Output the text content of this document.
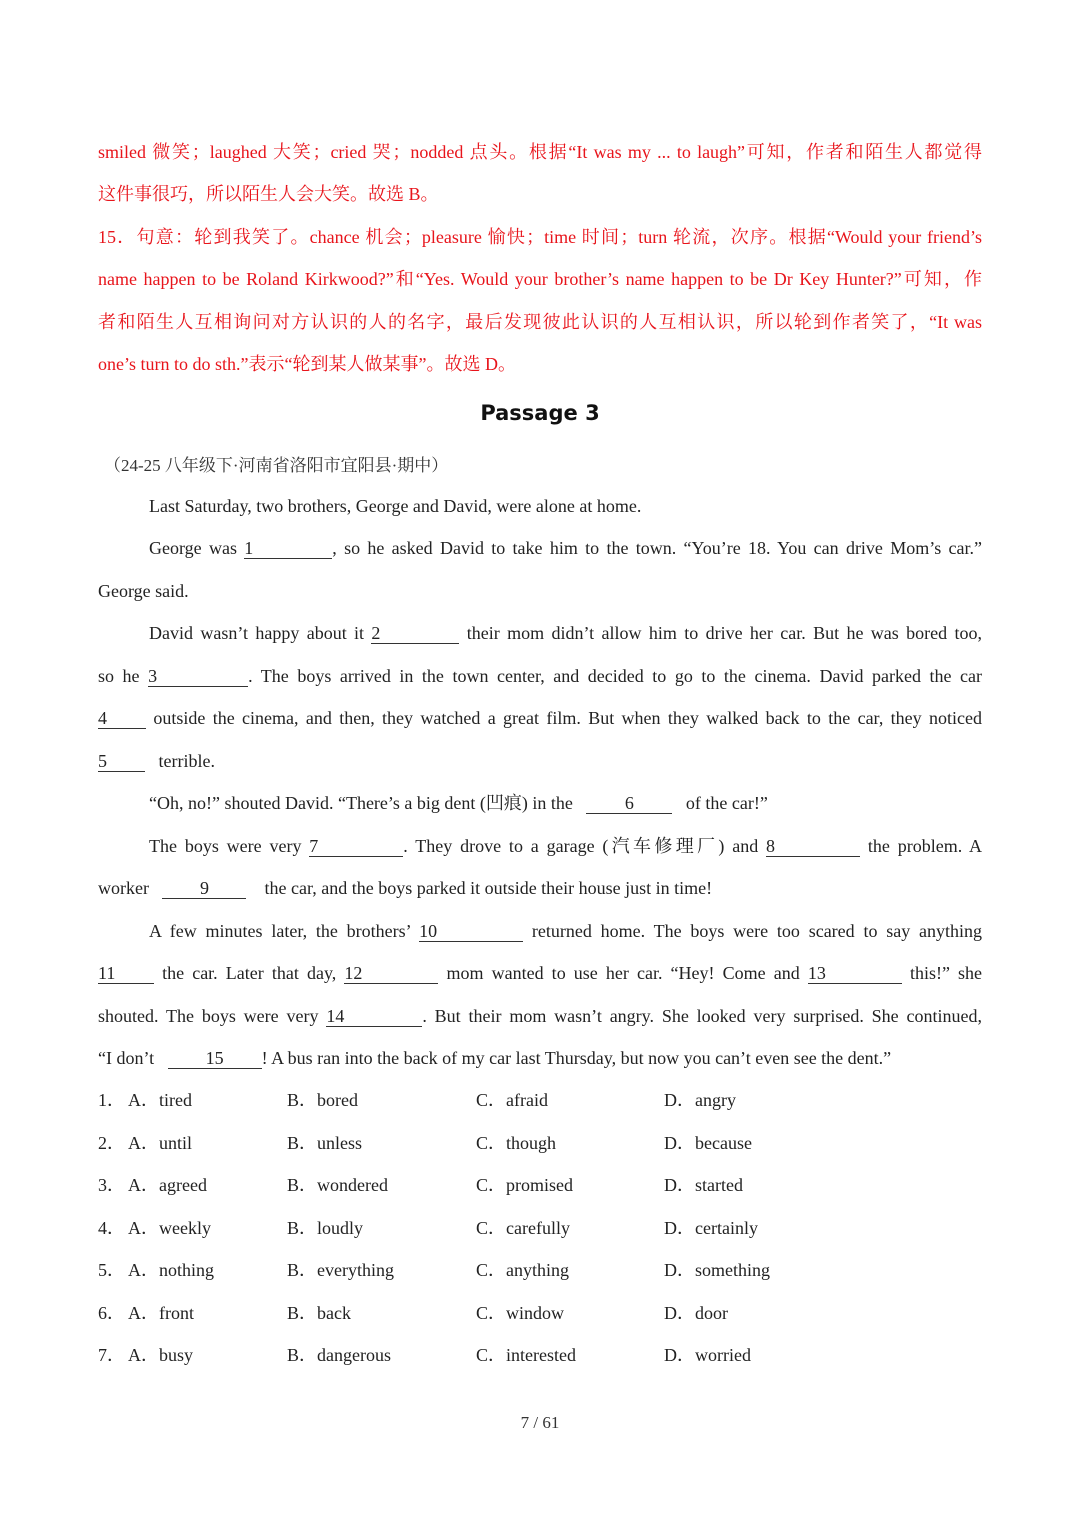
smiled 微笑；laughed 大笑；cried 哭；nodded 点头。根据“It was my ... to laugh”可知，作者和陌生人都觉得
这件事很巧，所以陌生人会大笑。故选 B。
15．句意：轮到我笑了。chance 机会；pleasure 愉快；time 时间；turn 轮流，次序。根据“Would your friend’s
name happen to be Roland Kirkwood?”和“Yes. Would your brother’s name happen to be Dr Key Hunter?”可知，作
者和陌生人互相询问对方认识的人的名字，最后发现彼此认识的人互相认识，所以轮到作者笑了，“It was
one’s turn to do sth.”表示“轮到某人做某事”。故选 D。
Passage 3
（24-25 八年级下·河南省洛阳市宜阳县·期中）
Last Saturday, two brothers, George and David, were alone at home.
George was 1	, so he asked David to take him to the town. “You’re 18. You can drive Mom’s car.”
George said.
David wasn’t happy about it 2	their mom didn’t allow him to drive her car. But he was bored too,
so he 3	. The boys arrived in the town center, and decided to go to the cinema. David parked the car
4	outside the cinema, and then, they watched a great film. But when they walked back to the car, they noticed
5	terrible.
“Oh, no!” shouted David. “There’s a big dent (凹痕) in the	6	of the car!”
The boys were very 7	. They drove to a garage (汽车修理厂) and 8	the problem. A
worker	9	the car, and the boys parked it outside their house just in time!
A few minutes later, the brothers’ 10	returned home. The boys were too scared to say anything
11	the car. Later that day, 12	mom wanted to use her car. “Hey! Come and 13	this!” she
shouted. The boys were very 14	. But their mom wasn’t angry. She looked very surprised. She continued,
“I don’t	15 ! A bus ran into the back of my car last Thursday, but now you can’t even see the dent.”
1． A．tired	B．bored	C．afraid	D．angry
2． A．until	B．unless	C．though	D．because
3． A．agreed	B．wondered	C．promised	D．started
4． A．weekly	B．loudly	C．carefully	D．certainly
5． A．nothing	B．everything	C．anything	D．something
6． A．front	B．back	C．window	D．door
7． A．busy	B．dangerous	C．interested	D．worried
7 / 61
